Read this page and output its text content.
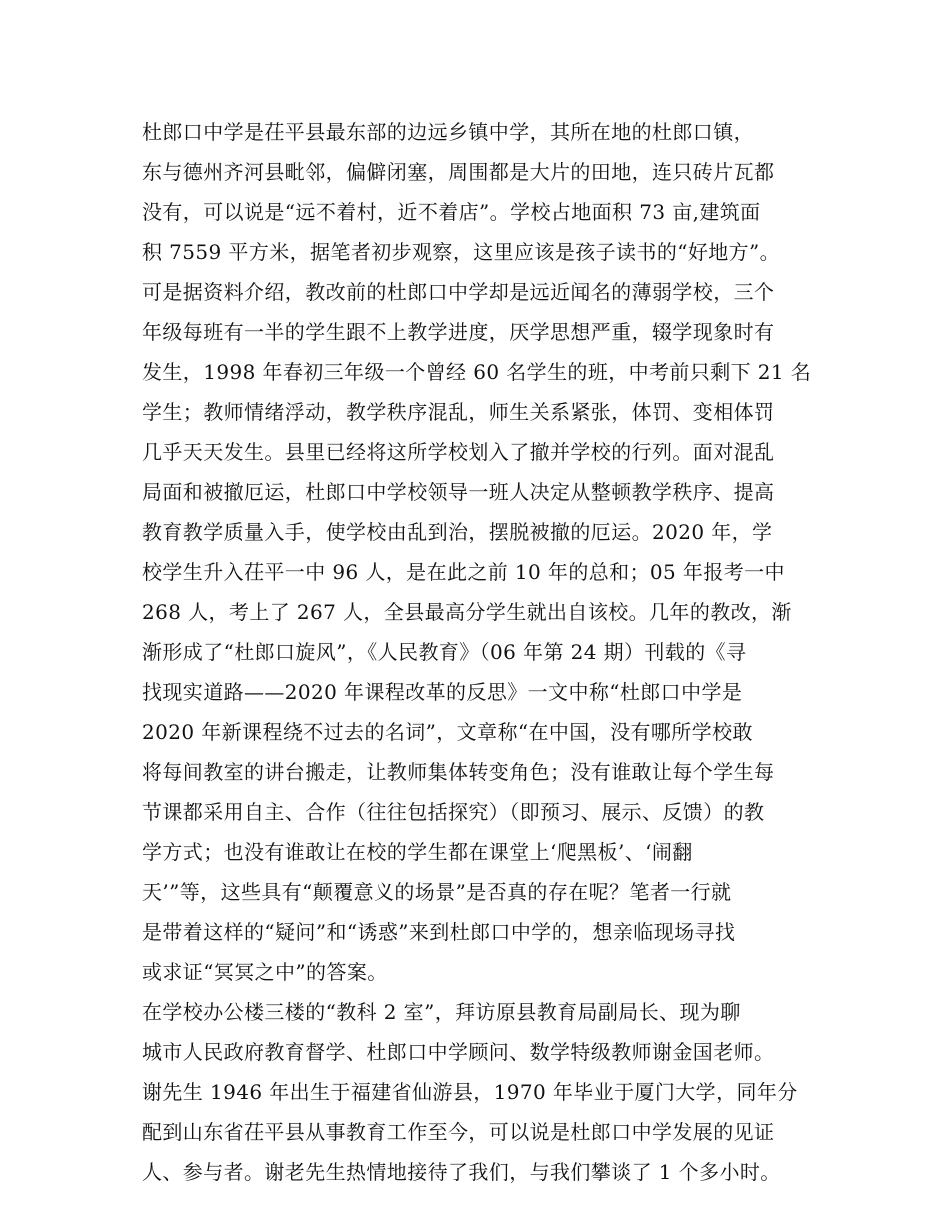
杜郎口中学是茌平县最东部的边远乡镇中学，其所在地的杜郎口镇，
东与德州齐河县毗邻，偏僻闭塞，周围都是大片的田地，连只砖片瓦都
没有，可以说是“远不着村，近不着店”。学校占地面积 73 亩,建筑面
积 7559 平方米，据笔者初步观察，这里应该是孩子读书的“好地方”。
可是据资料介绍，教改前的杜郎口中学却是远近闻名的薄弱学校，三个
年级每班有一半的学生跟不上教学进度，厌学思想严重，辍学现象时有
发生，1998 年春初三年级一个曾经 60 名学生的班，中考前只剩下 21 名
学生；教师情绪浮动，教学秩序混乱，师生关系紧张，体罚、变相体罚
几乎天天发生。县里已经将这所学校划入了撤并学校的行列。面对混乱
局面和被撤厄运，杜郎口中学校领导一班人决定从整顿教学秩序、提高
教育教学质量入手，使学校由乱到治，摆脱被撤的厄运。2020 年，学
校学生升入茌平一中 96 人，是在此之前 10 年的总和；05 年报考一中
268 人，考上了 267 人，全县最高分学生就出自该校。几年的教改，渐
渐形成了“杜郎口旋风”，《人民教育》（06 年第 24 期）刊载的《寻
找现实道路——2020 年课程改革的反思》一文中称“杜郎口中学是
2020 年新课程绕不过去的名词”，文章称“在中国，没有哪所学校敢
将每间教室的讲台搬走，让教师集体转变角色；没有谁敢让每个学生每
节课都采用自主、合作（往往包括探究）（即预习、展示、反馈）的教
学方式；也没有谁敢让在校的学生都在课堂上‘爬黑板’、‘闹翻
天’”等，这些具有“颠覆意义的场景”是否真的存在呢？笔者一行就
是带着这样的“疑问”和“诱惑”来到杜郎口中学的，想亲临现场寻找
或求证“冥冥之中”的答案。
在学校办公楼三楼的“教科 2 室”，拜访原县教育局副局长、现为聊
城市人民政府教育督学、杜郎口中学顾问、数学特级教师谢金国老师。
谢先生 1946 年出生于福建省仙游县，1970 年毕业于厦门大学，同年分
配到山东省茌平县从事教育工作至今，可以说是杜郎口中学发展的见证
人、参与者。谢老先生热情地接待了我们，与我们攀谈了 1 个多小时。
